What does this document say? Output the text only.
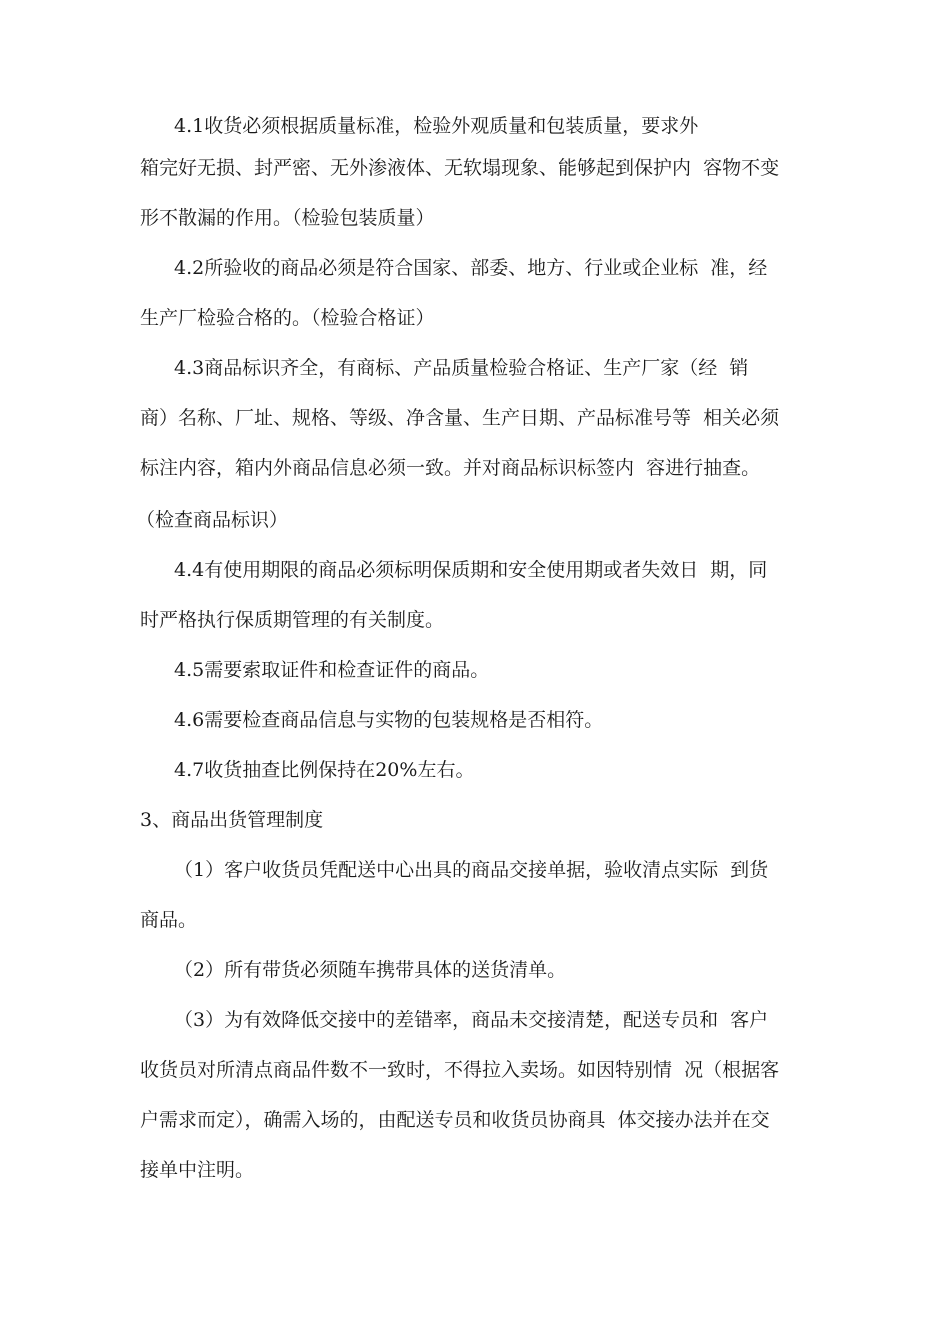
4.1收货必须根据质量标准，检验外观质量和包装质量，要求外
箱完好无损、封严密、无外渗液体、无软塌现象、能够起到保护内  容物不变
形不散漏的作用。（检验包装质量）
4.2所验收的商品必须是符合国家、部委、地方、行业或企业标  准，经
生产厂检验合格的。（检验合格证）
4.3商品标识齐全，有商标、产品质量检验合格证、生产厂家（经  销
商）名称、厂址、规格、等级、净含量、生产日期、产品标准号等  相关必须
标注内容，箱内外商品信息必须一致。并对商品标识标签内  容进行抽查。
（检查商品标识）
4.4有使用期限的商品必须标明保质期和安全使用期或者失效日  期，同
时严格执行保质期管理的有关制度。
4.5需要索取证件和检查证件的商品。
4.6需要检查商品信息与实物的包装规格是否相符。
4.7收货抽查比例保持在20%左右。
3、商品出货管理制度
（1）客户收货员凭配送中心出具的商品交接单据，验收清点实际  到货
商品。
（2）所有带货必须随车携带具体的送货清单。
（3）为有效降低交接中的差错率，商品未交接清楚，配送专员和  客户
收货员对所清点商品件数不一致时，不得拉入卖场。如因特别情  况（根据客
户需求而定），确需入场的，由配送专员和收货员协商具  体交接办法并在交
接单中注明。
